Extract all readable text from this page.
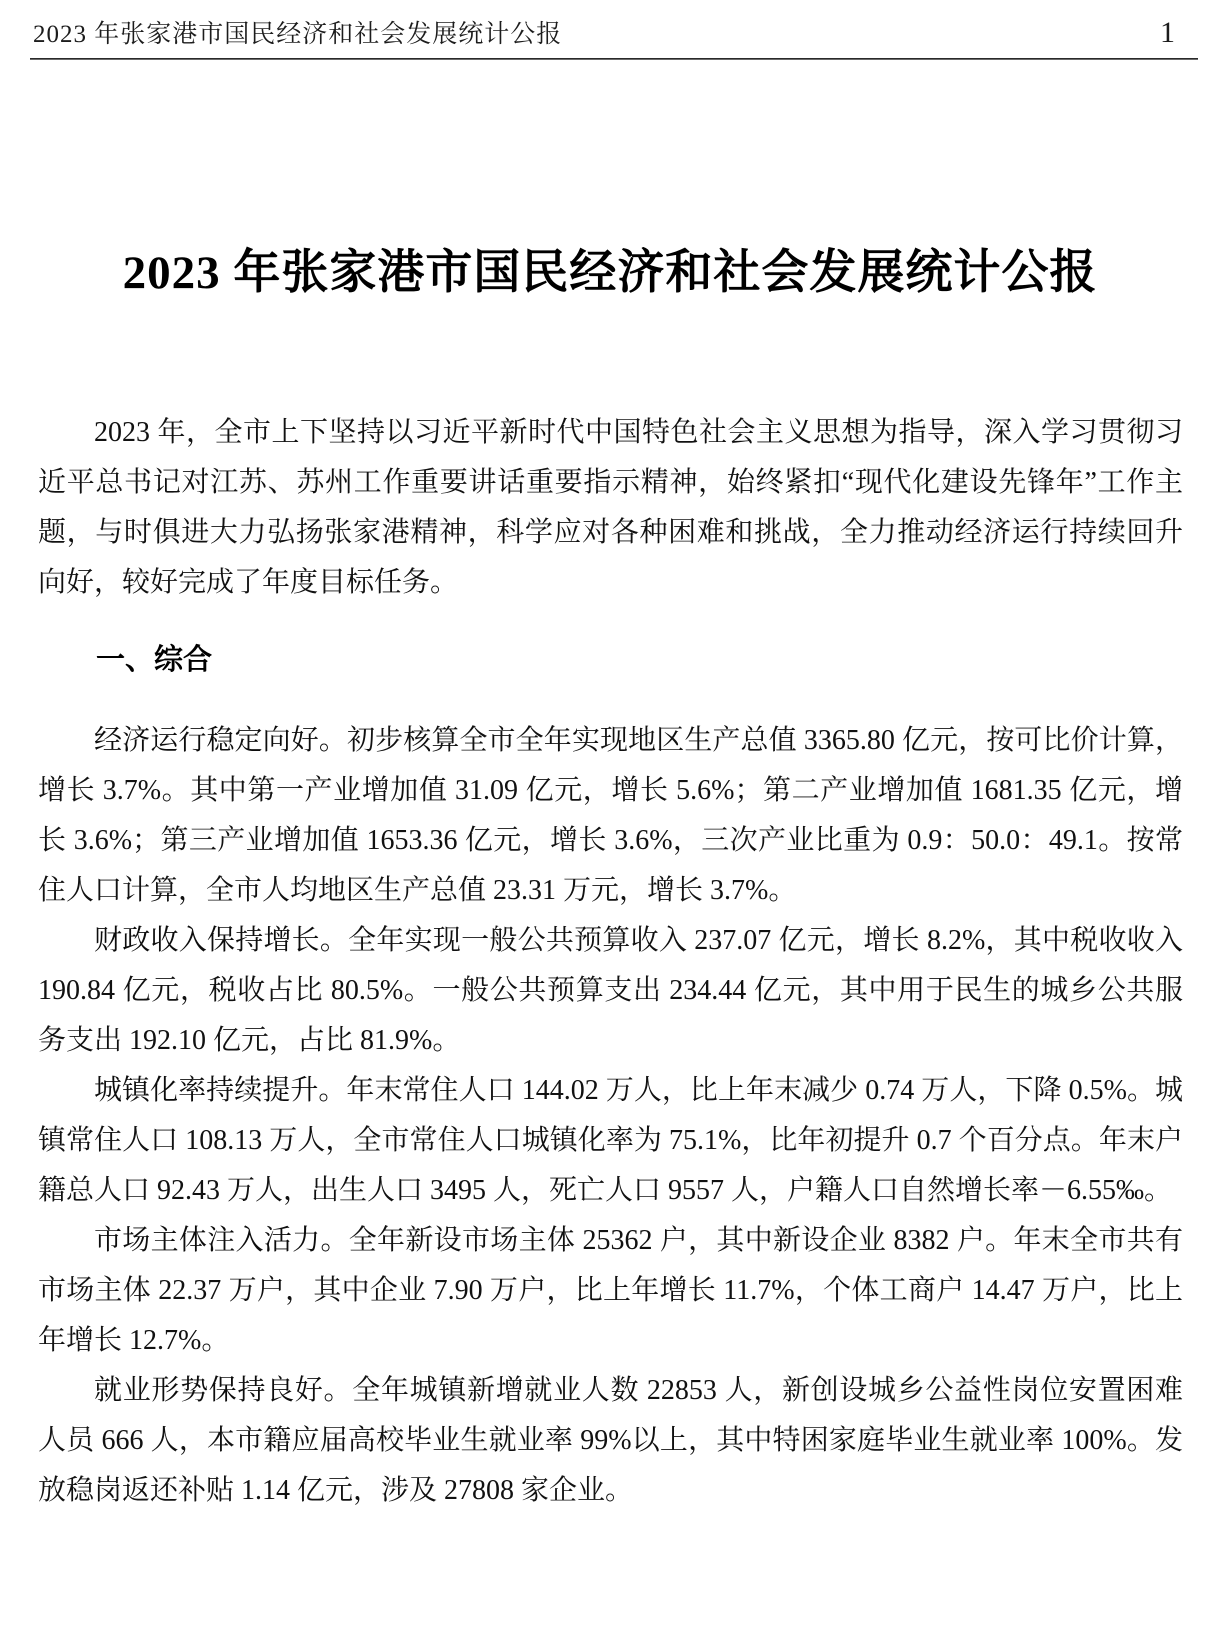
2023 年张家港市国民经济和社会发展统计公报	1
2023 年张家港市国民经济和社会发展统计公报

2023 年，全市上下坚持以习近平新时代中国特色社会主义思想为指导，深入学习贯彻习近平总书记对江苏、苏州工作重要讲话重要指示精神，始终紧扣“现代化建设先锋年”工作主题，与时俱进大力弘扬张家港精神，科学应对各种困难和挑战，全力推动经济运行持续回升向好，较好完成了年度目标任务。

一、综合

经济运行稳定向好。初步核算全市全年实现地区生产总值 3365.80 亿元，按可比价计算，增长 3.7%。其中第一产业增加值 31.09 亿元，增长 5.6%；第二产业增加值 1681.35 亿元，增长 3.6%；第三产业增加值 1653.36 亿元，增长 3.6%，三次产业比重为 0.9：50.0：49.1。按常住人口计算，全市人均地区生产总值 23.31 万元，增长 3.7%。

财政收入保持增长。全年实现一般公共预算收入 237.07 亿元，增长 8.2%，其中税收收入 190.84 亿元，税收占比 80.5%。一般公共预算支出 234.44 亿元，其中用于民生的城乡公共服务支出 192.10 亿元，占比 81.9%。

城镇化率持续提升。年末常住人口 144.02 万人，比上年末减少 0.74 万人，下降 0.5%。城镇常住人口 108.13 万人，全市常住人口城镇化率为 75.1%，比年初提升 0.7 个百分点。年末户籍总人口 92.43 万人，出生人口 3495 人，死亡人口 9557 人，户籍人口自然增长率－6.55‰。

市场主体注入活力。全年新设市场主体 25362 户，其中新设企业 8382 户。年末全市共有市场主体 22.37 万户，其中企业 7.90 万户，比上年增长 11.7%，个体工商户 14.47 万户，比上年增长 12.7%。

就业形势保持良好。全年城镇新增就业人数 22853 人，新创设城乡公益性岗位安置困难人员 666 人，本市籍应届高校毕业生就业率 99%以上，其中特困家庭毕业生就业率 100%。发放稳岗返还补贴 1.14 亿元，涉及 27808 家企业。
